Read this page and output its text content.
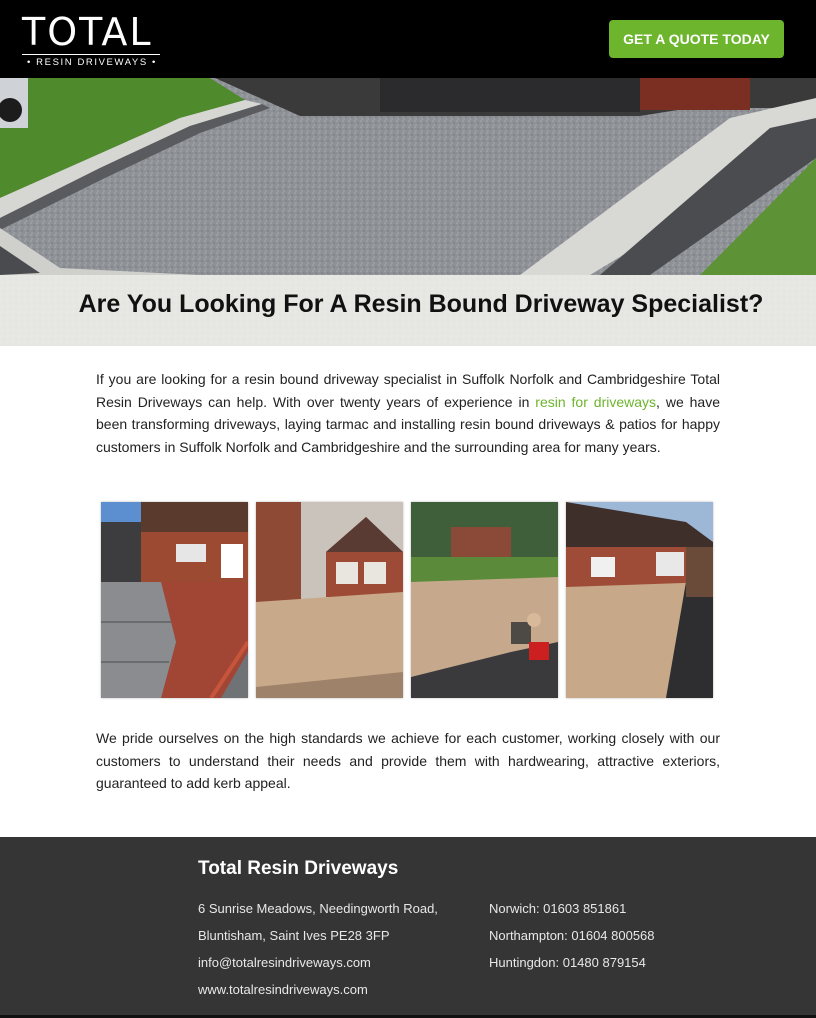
TOTAL
• RESIN DRIVEWAYS •
GET A QUOTE TODAY
Are You Looking For A Resin Bound Driveway Specialist?

If you are looking for a resin bound driveway specialist in Suffolk Norfolk and Cambridgeshire Total Resin Driveways can help. With over twenty years of experience in resin for driveways, we have been transforming driveways, laying tarmac and installing resin bound driveways & patios for happy customers in Suffolk Norfolk and Cambridgeshire and the surrounding area for many years.

We pride ourselves on the high standards we achieve for each customer, working closely with our customers to understand their needs and provide them with hardwearing, attractive exteriors, guaranteed to add kerb appeal.

Total Resin Driveways
6 Sunrise Meadows, Needingworth Road,
Bluntisham, Saint Ives PE28 3FP
info@totalresindriveways.com
www.totalresindriveways.com
Norwich: 01603 851861
Northampton: 01604 800568
Huntingdon: 01480 879154
